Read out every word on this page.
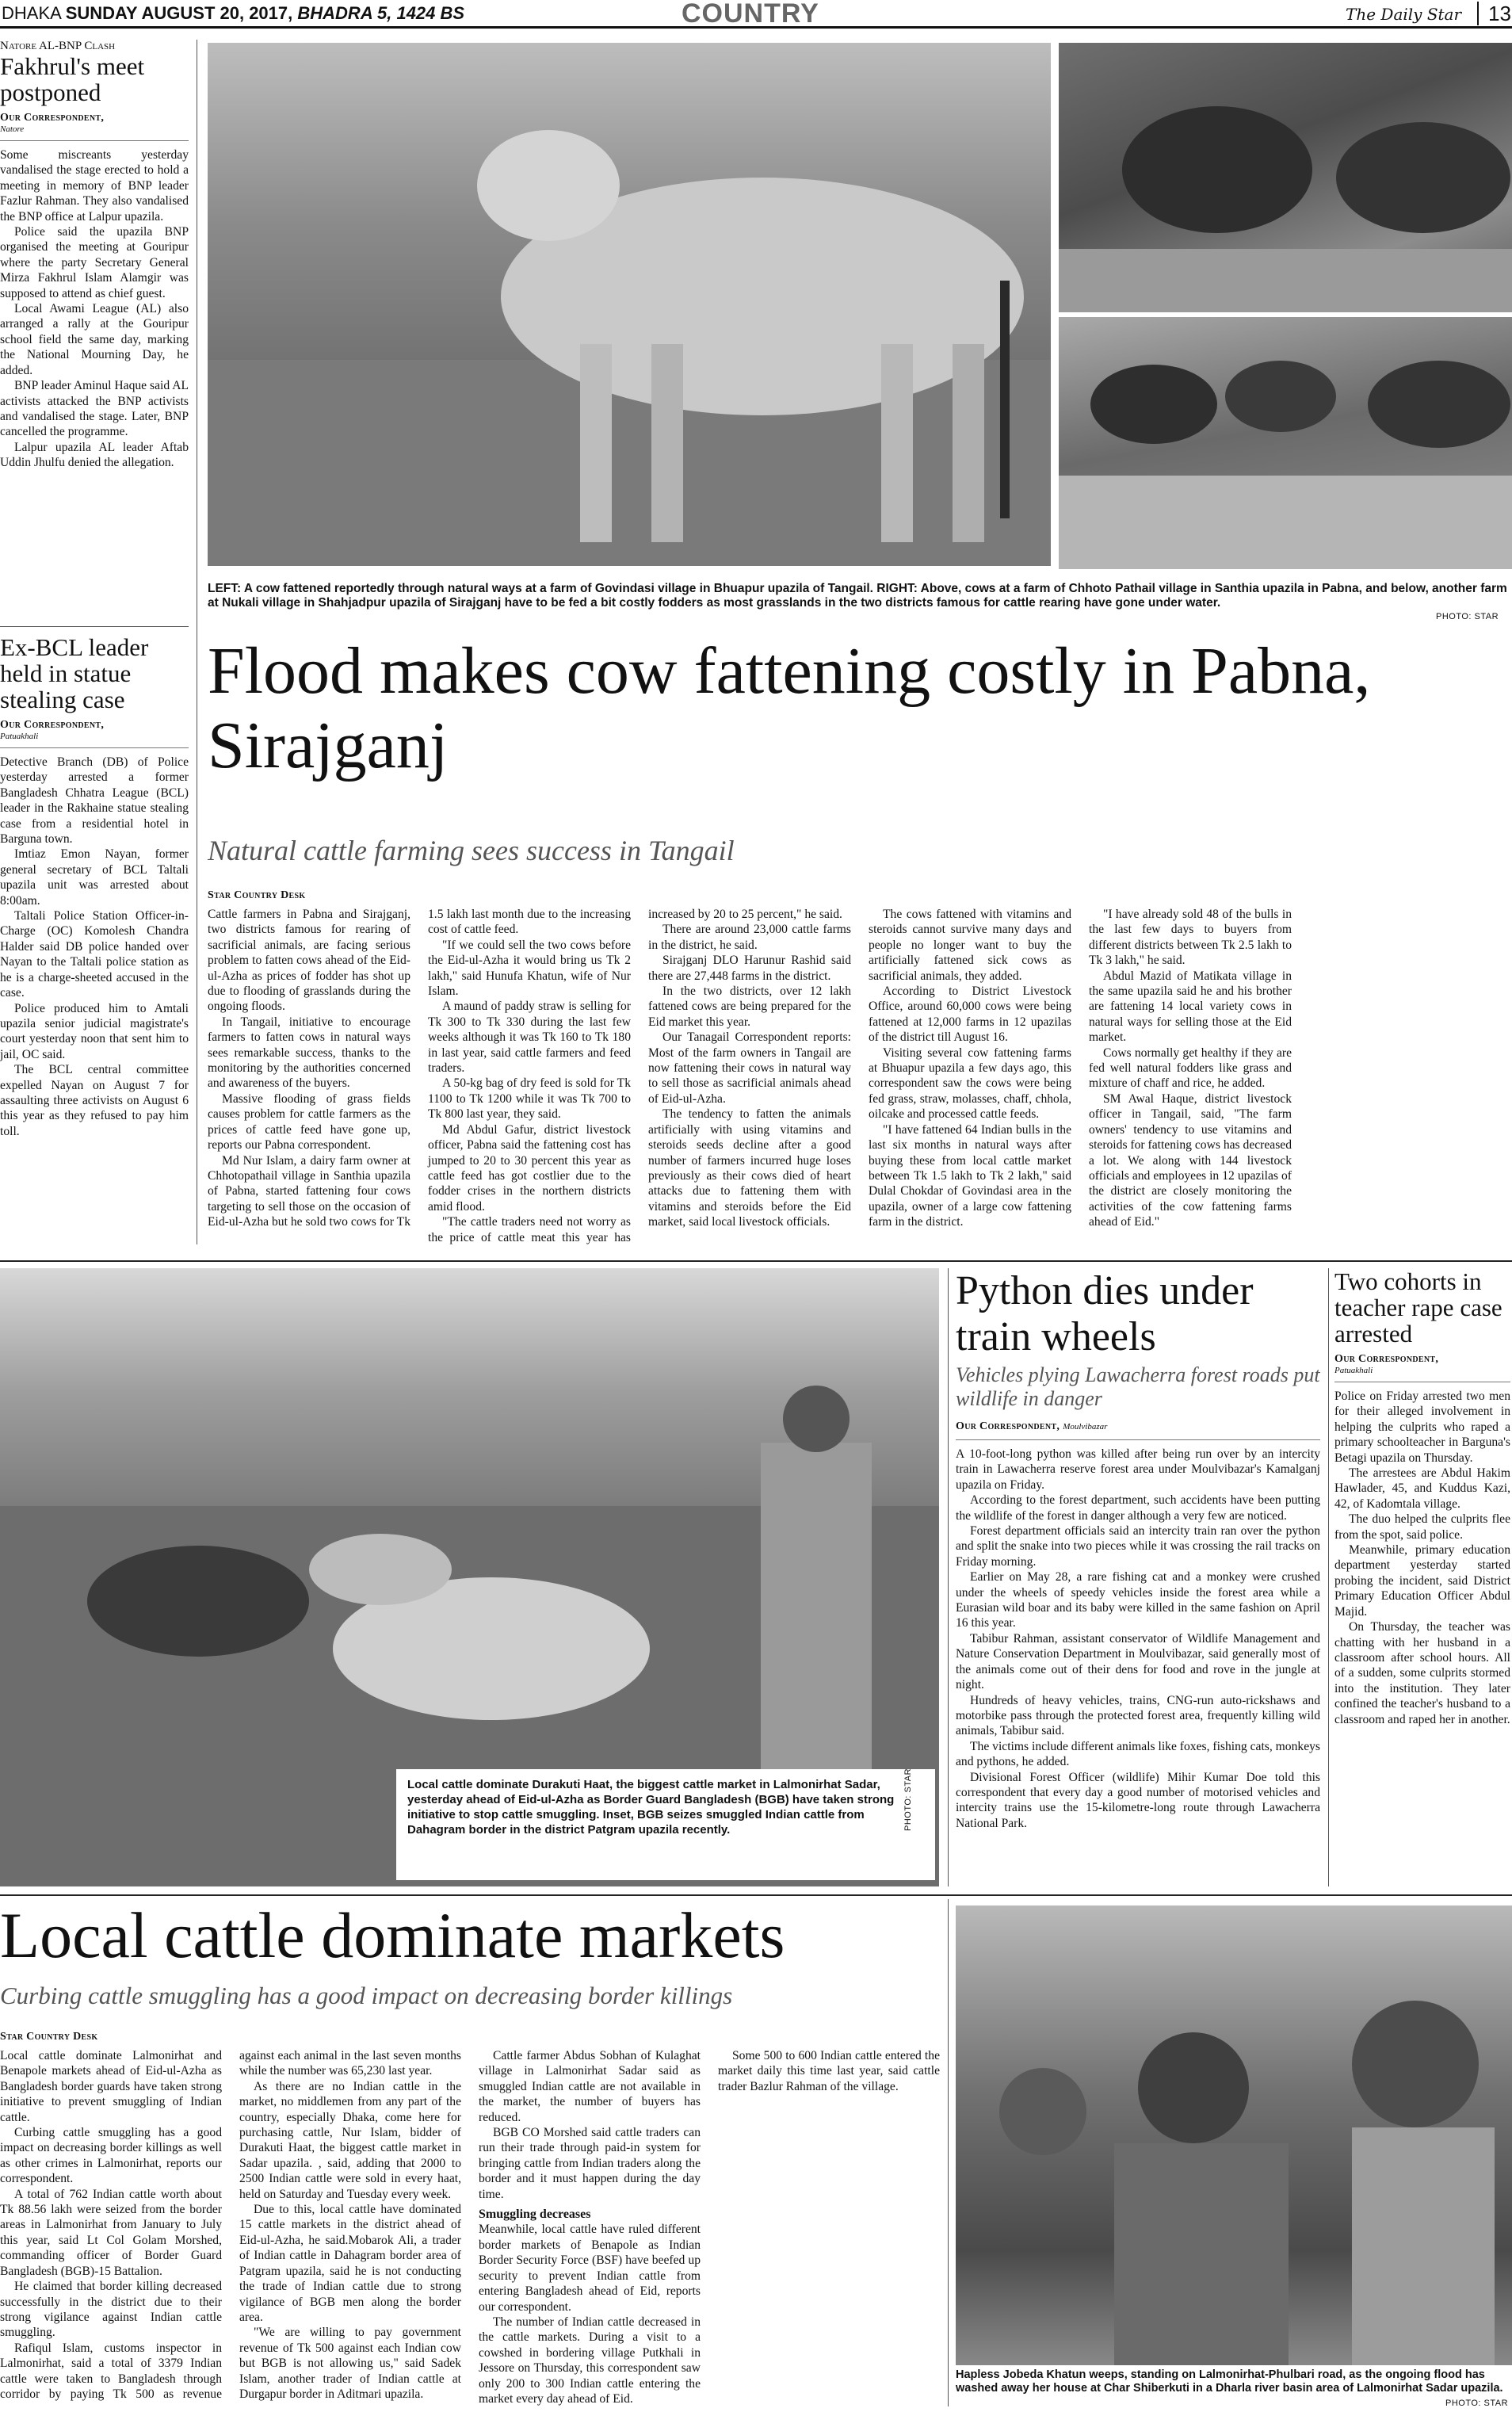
DHAKA SUNDAY AUGUST 20, 2017, BHADRA 5, 1424 BS	COUNTRY	The Daily Star	13
Natore AL-BNP Clash
Fakhrul's meet postponed
Our Correspondent,
Natore

Some miscreants yesterday vandalised the stage erected to hold a meeting in memory of BNP leader Fazlur Rahman. They also vandalised the BNP office at Lalpur upazila.

Police said the upazila BNP organised the meeting at Gouripur where the party Secretary General Mirza Fakhrul Islam Alamgir was supposed to attend as chief guest.

Local Awami League (AL) also arranged a rally at the Gouripur school field the same day, marking the National Mourning Day, he added.

BNP leader Aminul Haque said AL activists attacked the BNP activists and vandalised the stage. Later, BNP cancelled the programme.

Lalpur upazila AL leader Aftab Uddin Jhulfu denied the allegation.

Ex-BCL leader held in statue stealing case
Our Correspondent,
Patuakhali

Detective Branch (DB) of Police yesterday arrested a former Bangladesh Chhatra League (BCL) leader in the Rakhaine statue stealing case from a residential hotel in Barguna town.

Imtiaz Emon Nayan, former general secretary of BCL Taltali upazila unit was arrested about 8:00am.

Taltali Police Station Officer-in-Charge (OC) Komolesh Chandra Halder said DB police handed over Nayan to the Taltali police station as he is a charge-sheeted accused in the case.

Police produced him to Amtali upazila senior judicial magistrate's court yesterday noon that sent him to jail, OC said.

The BCL central committee expelled Nayan on August 7 for assaulting three activists on August 6 this year as they refused to pay him toll.

LEFT: A cow fattened reportedly through natural ways at a farm of Govindasi village in Bhuapur upazila of Tangail. RIGHT: Above, cows at a farm of Chhoto Pathail village in Santhia upazila in Pabna, and below, another farm at Nukali village in Shahjadpur upazila of Sirajganj have to be fed a bit costly fodders as most grasslands in the two districts famous for cattle rearing have gone under water.
PHOTO: STAR
Flood makes cow fattening costly in Pabna, Sirajganj
Natural cattle farming sees success in Tangail
Star Country Desk

Cattle farmers in Pabna and Sirajganj, two districts famous for rearing of sacrificial animals, are facing serious problem to fatten cows ahead of the Eid-ul-Azha as prices of fodder has shot up due to flooding of grasslands during the ongoing floods.

In Tangail, initiative to encourage farmers to fatten cows in natural ways sees remarkable success, thanks to the monitoring by the authorities concerned and awareness of the buyers.

Massive flooding of grass fields causes problem for cattle farmers as the prices of cattle feed have gone up, reports our Pabna correspondent.

Md Nur Islam, a dairy farm owner at Chhotopathail village in Santhia upazila of Pabna, started fattening four cows targeting to sell those on the occasion of Eid-ul-Azha but he sold two cows for Tk 1.5 lakh last month due to the increasing cost of cattle feed.

"If we could sell the two cows before the Eid-ul-Azha it would bring us Tk 2 lakh," said Hunufa Khatun, wife of Nur Islam.

A maund of paddy straw is selling for Tk 300 to Tk 330 during the last few weeks although it was Tk 160 to Tk 180 in last year, said cattle farmers and feed traders.

A 50-kg bag of dry feed is sold for Tk 1100 to Tk 1200 while it was Tk 700 to Tk 800 last year, they said.

Md Abdul Gafur, district livestock officer, Pabna said the fattening cost has jumped to 20 to 30 percent this year as cattle feed has got costlier due to the fodder crises in the northern districts amid flood.

"The cattle traders need not worry as the price of cattle meat this year has increased by 20 to 25 percent," he said.

There are around 23,000 cattle farms in the district, he said.

Sirajganj DLO Harunur Rashid said there are 27,448 farms in the district.

In the two districts, over 12 lakh fattened cows are being prepared for the Eid market this year.

Our Tanagail Correspondent reports: Most of the farm owners in Tangail are now fattening their cows in natural way to sell those as sacrificial animals ahead of Eid-ul-Azha.

The tendency to fatten the animals artificially with using vitamins and steroids seeds decline after a good number of farmers incurred huge loses previously as their cows died of heart attacks due to fattening them with vitamins and steroids before the Eid market, said local livestock officials.

The cows fattened with vitamins and steroids cannot survive many days and people no longer want to buy the artificially fattened sick cows as sacrificial animals, they added.

According to District Livestock Office, around 60,000 cows were being fattened at 12,000 farms in 12 upazilas of the district till August 16.

Visiting several cow fattening farms at Bhuapur upazila a few days ago, this correspondent saw the cows were being fed grass, straw, molasses, chaff, chhola, oilcake and processed cattle feeds.

"I have fattened 64 Indian bulls in the last six months in natural ways after buying these from local cattle market between Tk 1.5 lakh to Tk 2 lakh," said Dulal Chokdar of Govindasi area in the upazila, owner of a large cow fattening farm in the district.

"I have already sold 48 of the bulls in the last few days to buyers from different districts between Tk 2.5 lakh to Tk 3 lakh," he said.

Abdul Mazid of Matikata village in the same upazila said he and his brother are fattening 14 local variety cows in natural ways for selling those at the Eid market.

Cows normally get healthy if they are fed well natural fodders like grass and mixture of chaff and rice, he added.

SM Awal Haque, district livestock officer in Tangail, said, "The farm owners' tendency to use vitamins and steroids for fattening cows has decreased a lot. We along with 144 livestock officials and employees in 12 upazilas of the district are closely monitoring the activities of the cow fattening farms ahead of Eid."

Local cattle dominate Durakuti Haat, the biggest cattle market in Lalmonirhat Sadar, yesterday ahead of Eid-ul-Azha as Border Guard Bangladesh (BGB) have taken strong initiative to stop cattle smuggling. Inset, BGB seizes smuggled Indian cattle from Dahagram border in the district Patgram upazila recently.	PHOTO: STAR
Python dies under train wheels
Vehicles plying Lawacherra forest roads put wildlife in danger
Our Correspondent, Moulvibazar

A 10-foot-long python was killed after being run over by an intercity train in Lawacherra reserve forest area under Moulvibazar's Kamalganj upazila on Friday.

According to the forest department, such accidents have been putting the wildlife of the forest in danger although a very few are noticed.

Forest department officials said an intercity train ran over the python and split the snake into two pieces while it was crossing the rail tracks on Friday morning.

Earlier on May 28, a rare fishing cat and a monkey were crushed under the wheels of speedy vehicles inside the forest area while a Eurasian wild boar and its baby were killed in the same fashion on April 16 this year.

Tabibur Rahman, assistant conservator of Wildlife Management and Nature Conservation Department in Moulvibazar, said generally most of the animals come out of their dens for food and rove in the jungle at night.

Hundreds of heavy vehicles, trains, CNG-run auto-rickshaws and motorbike pass through the protected forest area, frequently killing wild animals, Tabibur said.

The victims include different animals like foxes, fishing cats, monkeys and pythons, he added.

Divisional Forest Officer (wildlife) Mihir Kumar Doe told this correspondent that every day a good number of motorised vehicles and intercity trains use the 15-kilometre-long route through Lawacherra National Park.

Two cohorts in teacher rape case arrested
Our Correspondent,
Patuakhali

Police on Friday arrested two men for their alleged involvement in helping the culprits who raped a primary schoolteacher in Barguna's Betagi upazila on Thursday.

The arrestees are Abdul Hakim Hawlader, 45, and Kuddus Kazi, 42, of Kadomtala village.

The duo helped the culprits flee from the spot, said police.

Meanwhile, primary education department yesterday started probing the incident, said District Primary Education Officer Abdul Majid.

On Thursday, the teacher was chatting with her husband in a classroom after school hours. All of a sudden, some culprits stormed into the institution. They later confined the teacher's husband to a classroom and raped her in another.

Local cattle dominate markets
Curbing cattle smuggling has a good impact on decreasing border killings
Star Country Desk

Local cattle dominate Lalmonirhat and Benapole markets ahead of Eid-ul-Azha as Bangladesh border guards have taken strong initiative to prevent smuggling of Indian cattle.

Curbing cattle smuggling has a good impact on decreasing border killings as well as other crimes in Lalmonirhat, reports our correspondent.

A total of 762 Indian cattle worth about Tk 88.56 lakh were seized from the border areas in Lalmonirhat from January to July this year, said Lt Col Golam Morshed, commanding officer of Border Guard Bangladesh (BGB)-15 Battalion.

He claimed that border killing decreased successfully in the district due to their strong vigilance against Indian cattle smuggling.

Rafiqul Islam, customs inspector in Lalmonirhat, said a total of 3379 Indian cattle were taken to Bangladesh through corridor by paying Tk 500 as revenue against each animal in the last seven months while the number was 65,230 last year.

As there are no Indian cattle in the market, no middlemen from any part of the country, especially Dhaka, come here for purchasing cattle, Nur Islam, bidder of Durakuti Haat, the biggest cattle market in Sadar upazila. , said, adding that 2000 to 2500 Indian cattle were sold in every haat, held on Saturday and Tuesday every week.

Due to this, local cattle have dominated 15 cattle markets in the district ahead of Eid-ul-Azha, he said.Mobarok Ali, a trader of Indian cattle in Dahagram border area of Patgram upazila, said he is not conducting the trade of Indian cattle due to strong vigilance of BGB men along the border area.

"We are willing to pay government revenue of Tk 500 against each Indian cow but BGB is not allowing us," said Sadek Islam, another trader of Indian cattle at Durgapur border in Aditmari upazila.

Cattle farmer Abdus Sobhan of Kulaghat village in Lalmonirhat Sadar said as smuggled Indian cattle are not available in the market, the number of buyers has reduced.

BGB CO Morshed said cattle traders can run their trade through paid-in system for bringing cattle from Indian traders along the border and it must happen during the day time.

Smuggling decreases

Meanwhile, local cattle have ruled different border markets of Benapole as Indian Border Security Force (BSF) have beefed up security to prevent Indian cattle from entering Bangladesh ahead of Eid, reports our correspondent.

The number of Indian cattle decreased in the cattle markets. During a visit to a cowshed in bordering village Putkhali in Jessore on Thursday, this correspondent saw only 200 to 300 Indian cattle entering the market every day ahead of Eid.

Some 500 to 600 Indian cattle entered the market daily this time last year, said cattle trader Bazlur Rahman of the village.

Hapless Jobeda Khatun weeps, standing on Lalmonirhat-Phulbari road, as the ongoing flood has washed away her house at Char Shiberkuti in a Dharla river basin area of Lalmonirhat Sadar upazila.
PHOTO: STAR
